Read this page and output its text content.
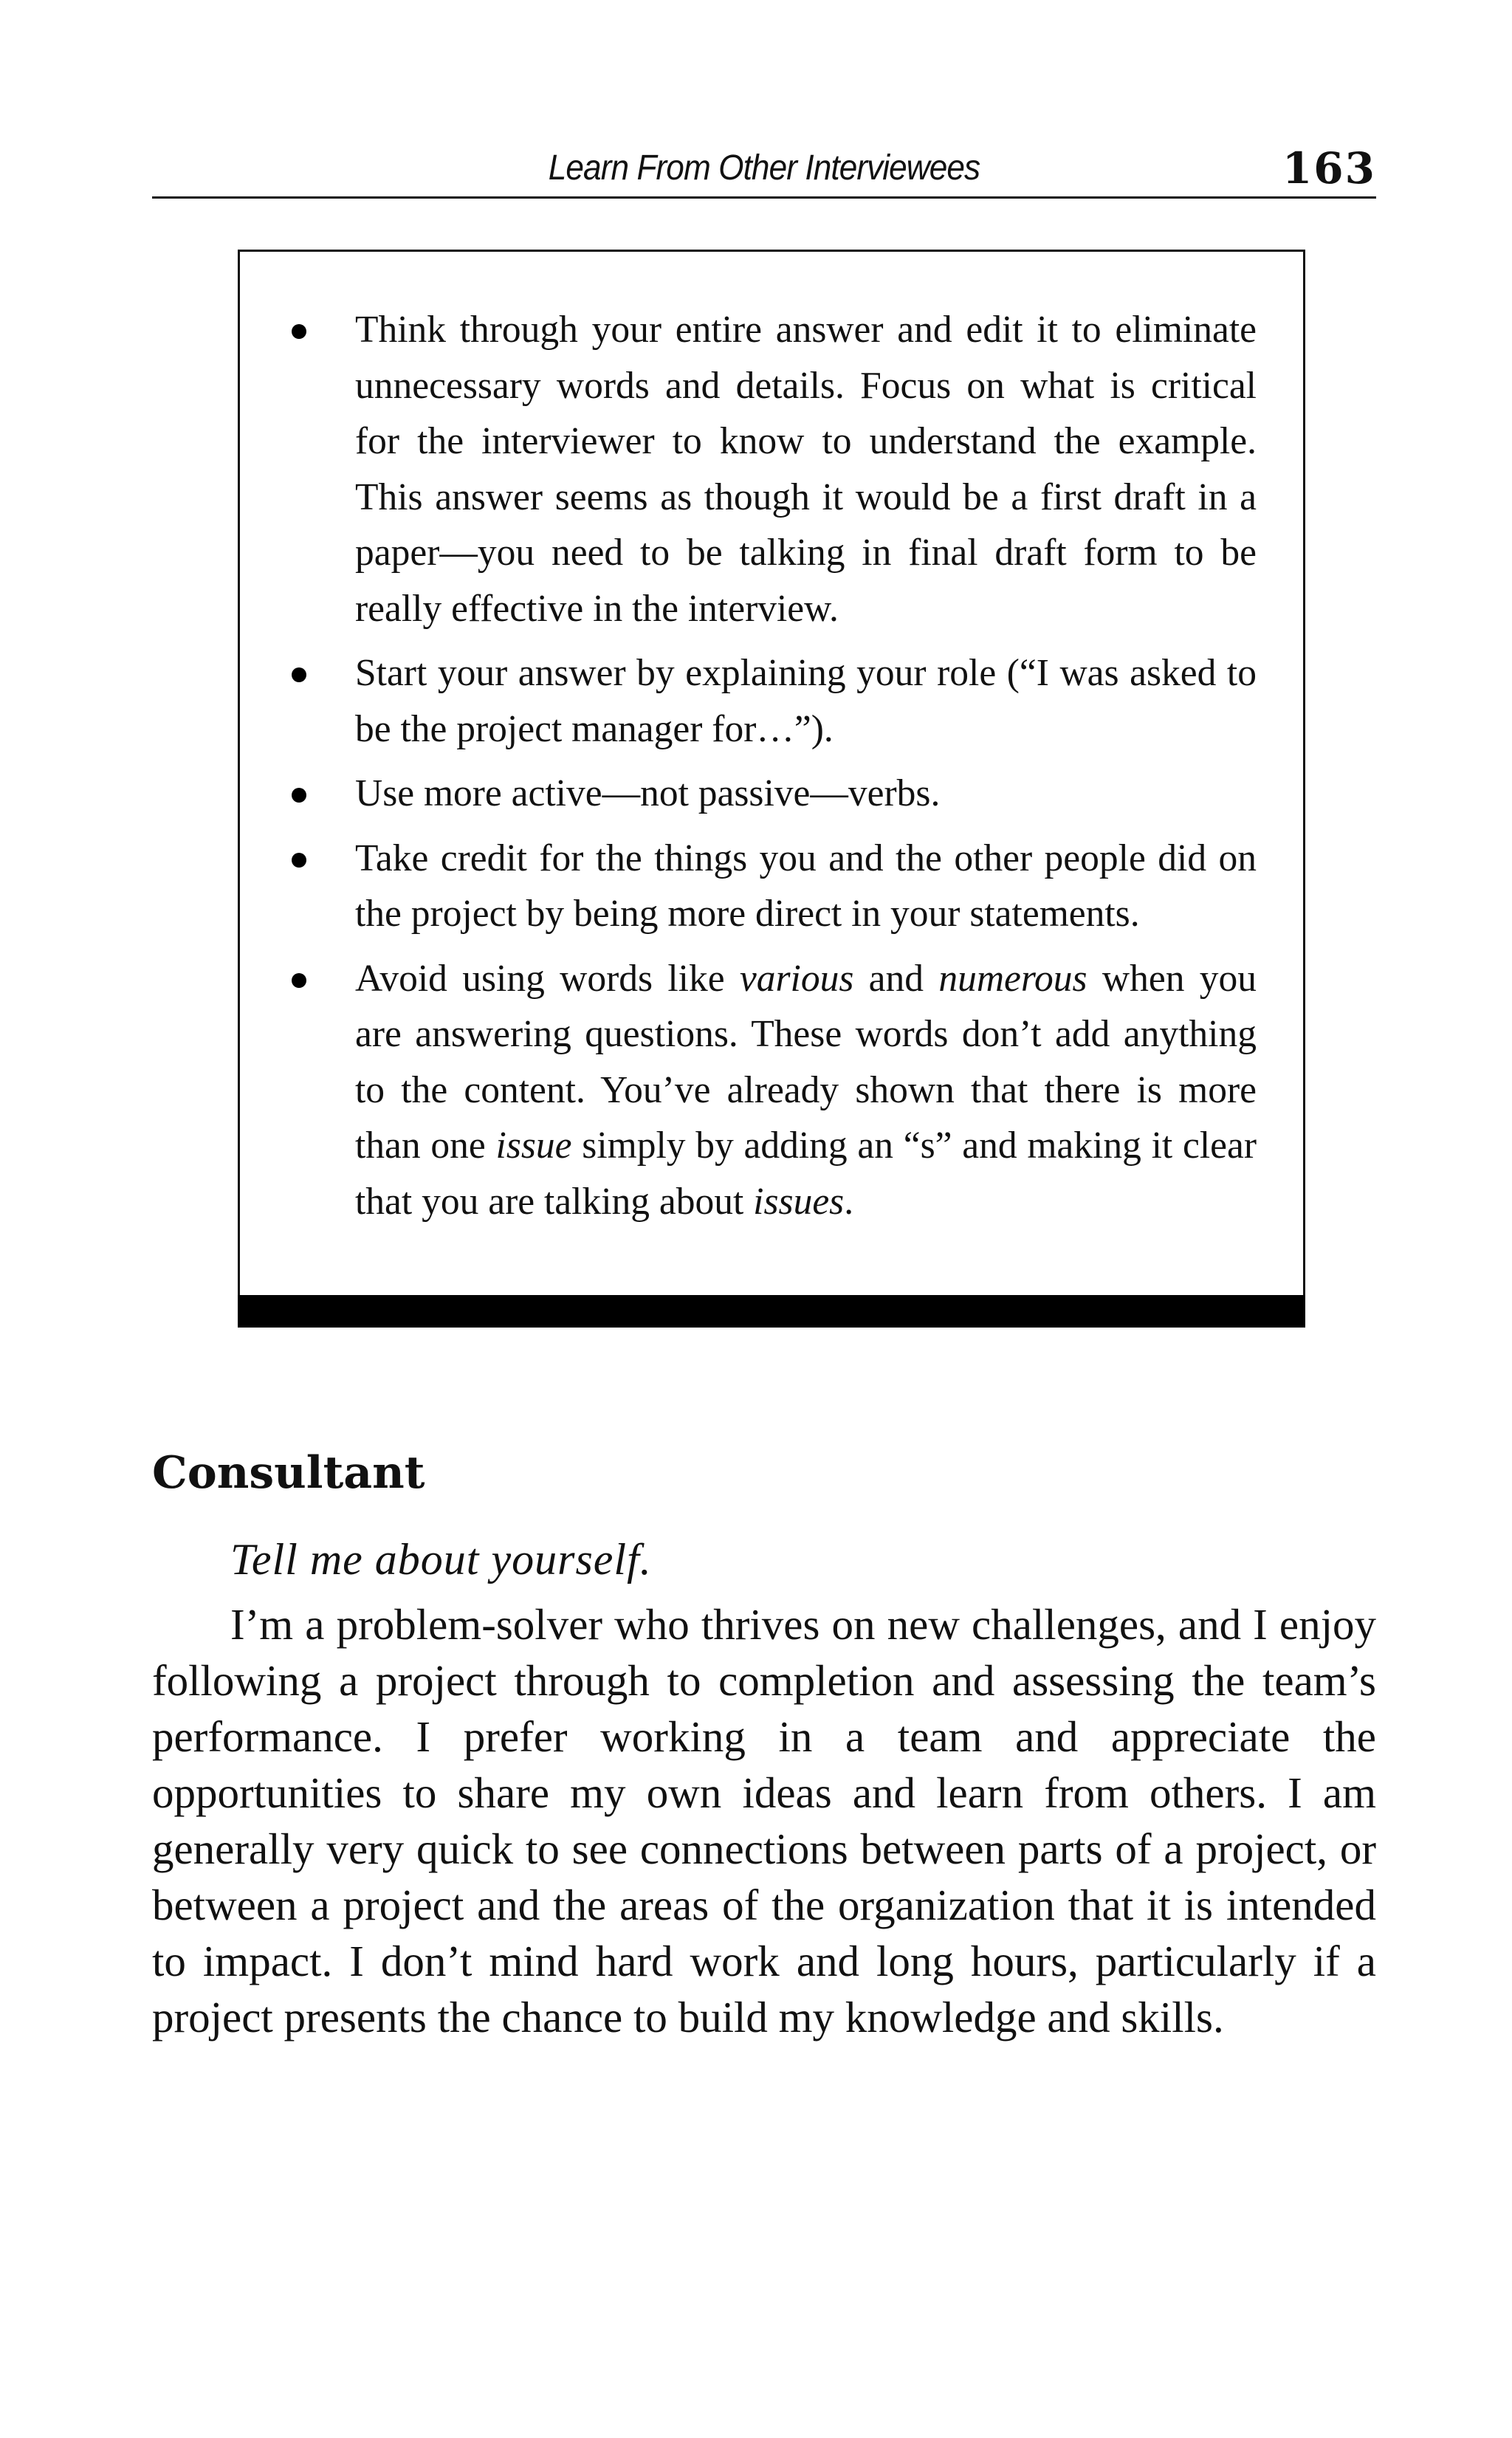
Learn From Other Interviewees	163
Think through your entire answer and edit it to eliminate unnecessary words and details. Focus on what is critical for the interviewer to know to understand the example. This answer seems as though it would be a first draft in a paper—you need to be talking in final draft form to be really effective in the interview.
Start your answer by explaining your role (“I was asked to be the project manager for…”).
Use more active—not passive—verbs.
Take credit for the things you and the other people did on the project by being more direct in your statements.
Avoid using words like various and numerous when you are answering questions. These words don’t add anything to the content. You’ve already shown that there is more than one issue simply by adding an “s” and making it clear that you are talking about issues.
Consultant

Tell me about yourself.

I’m a problem-solver who thrives on new challenges, and I enjoy following a project through to completion and assessing the team’s performance. I prefer working in a team and appreciate the opportunities to share my own ideas and learn from others. I am generally very quick to see connections between parts of a project, or between a project and the areas of the organization that it is intended to impact. I don’t mind hard work and long hours, particularly if a project presents the chance to build my knowledge and skills.
